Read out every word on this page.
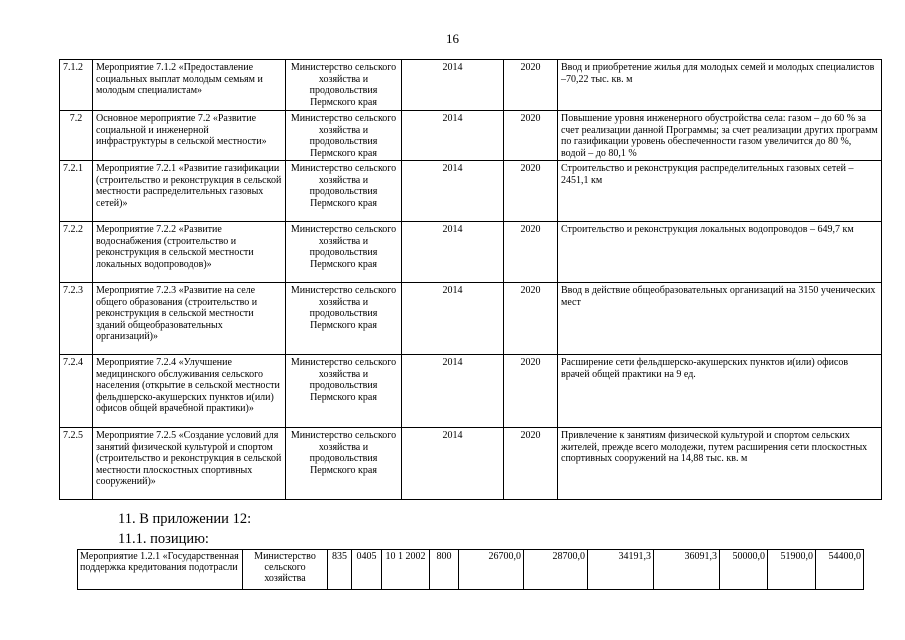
16
7.1.2	Мероприятие 7.1.2 «Предоставление социальных выплат молодым семьям и молодым специалистам»	Министерство сельского хозяйства и продовольствия Пермского края	2014	2020	Ввод и приобретение жилья для молодых семей и молодых специалистов –70,22 тыс. кв. м
7.2	Основное мероприятие 7.2 «Развитие социальной и инженерной инфраструктуры в сельской местности»	Министерство сельского хозяйства и продовольствия Пермского края	2014	2020	Повышение уровня инженерного обустройства села: газом – до 60 % за счет реализации данной Программы; за счет реализации других программ по газификации уровень обеспеченности газом увеличится до 80 %, водой – до 80,1 %
7.2.1	Мероприятие 7.2.1 «Развитие газификации (строительство и реконструкция в сельской местности распределительных газовых сетей)»	Министерство сельского хозяйства и продовольствия Пермского края	2014	2020	Строительство и реконструкция распределительных газовых сетей – 2451,1 км
7.2.2	Мероприятие 7.2.2 «Развитие водоснабжения (строительство и реконструкция в сельской местности локальных водопроводов)»	Министерство сельского хозяйства и продовольствия Пермского края	2014	2020	Строительство и реконструкция локальных водопроводов – 649,7 км
7.2.3	Мероприятие 7.2.3 «Развитие на селе общего образования (строительство и реконструкция в сельской местности зданий общеобразовательных организаций)»	Министерство сельского хозяйства и продовольствия Пермского края	2014	2020	Ввод в действие общеобразовательных организаций на 3150 ученических мест
7.2.4	Мероприятие 7.2.4 «Улучшение медицинского обслуживания сельского населения (открытие в сельской местности фельдшерско-акушерских пунктов и(или) офисов общей врачебной практики)»	Министерство сельского хозяйства и продовольствия Пермского края	2014	2020	Расширение сети фельдшерско-акушерских пунктов и(или) офисов врачей общей практики на 9 ед.
7.2.5	Мероприятие 7.2.5 «Создание условий для занятий физической культурой и спортом (строительство и реконструкция в сельской местности плоскостных спортивных сооружений)»	Министерство сельского хозяйства и продовольствия Пермского края	2014	2020	Привлечение к занятиям физической культурой и спортом сельских жителей, прежде всего молодежи, путем расширения сети плоскостных спортивных сооружений на 14,88 тыс. кв. м
11. В приложении 12:
11.1. позицию:
Мероприятие 1.2.1 «Государственная поддержка кредитования подотрасли	Министерство сельского хозяйства	835	0405	10 1 2002	800	26700,0	28700,0	34191,3	36091,3	50000,0	51900,0	54400,0
